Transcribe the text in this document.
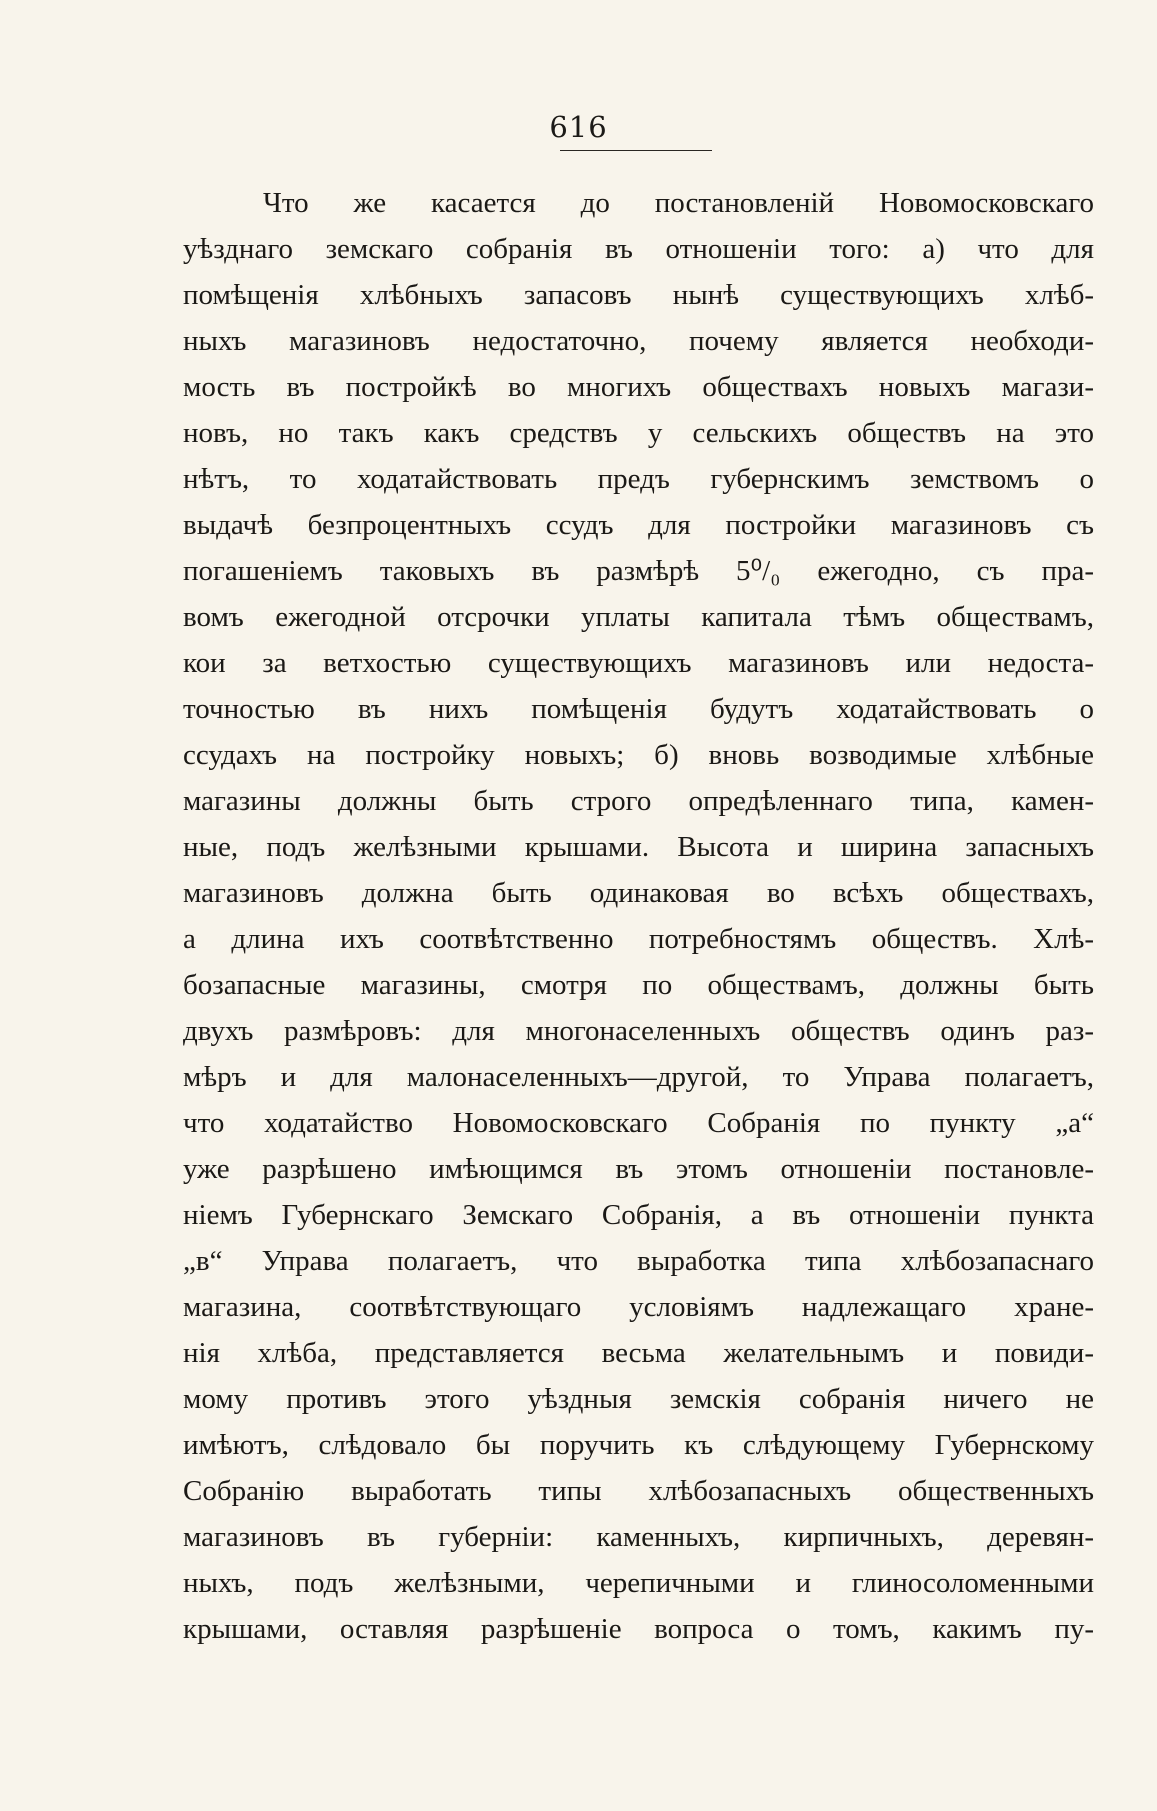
616
Что же касается до постановленій Новомосковскаго
уѣзднаго земскаго собранія въ отношеніи того: а) что для
помѣщенія хлѣбныхъ запасовъ нынѣ существующихъ хлѣб-
ныхъ магазиновъ недостаточно, почему является необходи-
мость въ постройкѣ во многихъ обществахъ новыхъ магази-
новъ, но такъ какъ средствъ у сельскихъ обществъ на это
нѣтъ, то ходатайствовать предъ губернскимъ земствомъ о
выдачѣ безпроцентныхъ ссудъ для постройки магазиновъ съ
погашеніемъ таковыхъ въ размѣрѣ 5⁰/₀ ежегодно, съ пра-
вомъ ежегодной отсрочки уплаты капитала тѣмъ обществамъ,
кои за ветхостью существующихъ магазиновъ или недоста-
точностью въ нихъ помѣщенія будутъ ходатайствовать о
ссудахъ на постройку новыхъ; б) вновь возводимые хлѣбные
магазины должны быть строго опредѣленнаго типа, камен-
ные, подъ желѣзными крышами. Высота и ширина запасныхъ
магазиновъ должна быть одинаковая во всѣхъ обществахъ,
а длина ихъ соотвѣтственно потребностямъ обществъ. Хлѣ-
бозапасные магазины, смотря по обществамъ, должны быть
двухъ размѣровъ: для многонаселенныхъ обществъ одинъ раз-
мѣръ и для малонаселенныхъ—другой, то Управа полагаетъ,
что ходатайство Новомосковскаго Собранія по пункту „а“
уже разрѣшено имѣющимся въ этомъ отношеніи постановле-
ніемъ Губернскаго Земскаго Собранія, а въ отношеніи пункта
„в“ Управа полагаетъ, что выработка типа хлѣбозапаснаго
магазина, соотвѣтствующаго условіямъ надлежащаго хране-
нія хлѣба, представляется весьма желательнымъ и повиди-
мому противъ этого уѣздныя земскія собранія ничего не
имѣютъ, слѣдовало бы поручить къ слѣдующему Губернскому
Собранію выработать типы хлѣбозапасныхъ общественныхъ
магазиновъ въ губерніи: каменныхъ, кирпичныхъ, деревян-
ныхъ, подъ желѣзными, черепичными и глиносоломенными
крышами, оставляя разрѣшеніе вопроса о томъ, какимъ пу-
